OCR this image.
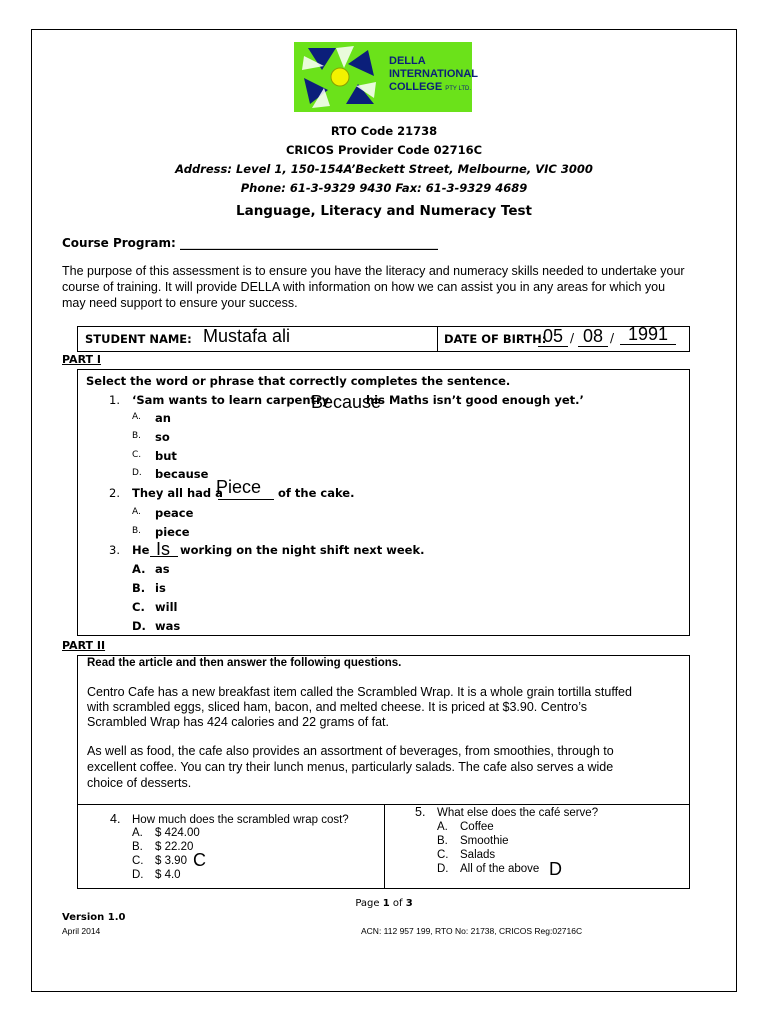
DELLA
INTERNATIONAL
COLLEGE PTY LTD.
RTO Code 21738
CRICOS Provider Code 02716C
Address: Level 1, 150-154A’Beckett Street, Melbourne, VIC 3000
Phone: 61-3-9329 9430 Fax: 61-3-9329 4689
Language, Literacy and Numeracy Test
Course Program: ___________________________________________
The purpose of this assessment is to ensure you have the literacy and numeracy skills needed to undertake your
course of training. It will provide DELLA with information on how we can assist you in any areas for which you
may need support to ensure your success.
STUDENT NAME: Mustafa ali	DATE OF BIRTH:
05 / 08 / 1991
PART I
Select the word or phrase that correctly completes the sentence.
1. ‘Sam wants to learn carpentry	his Maths isn’t good enough yet.’
Because
A. an
B. so
C. but
D. because
2. They all had a
Piece of the cake.
A. peace
B. piece
3. He Is working on the night shift next week.
A. as
B. is
C. will
D. was
PART II
Read the article and then answer the following questions.
Centro Cafe has a new breakfast item called the Scrambled Wrap. It is a whole grain tortilla stuffed
with scrambled eggs, sliced ham, bacon, and melted cheese. It is priced at $3.90. Centro’s
Scrambled Wrap has 424 calories and 22 grams of fat.
As well as food, the cafe also provides an assortment of beverages, from smoothies, through to
excellent coffee. You can try their lunch menus, particularly salads. The cafe also serves a wide
choice of desserts.
4. How much does the scrambled wrap cost?
A. $ 424.00
B. $ 22.20
C. $ 3.90 C
D. $ 4.0
5. What else does the café serve?
A. Coffee
B. Smoothie
C. Salads
D. All of the above D
Page 1 of 3
Version 1.0
April 2014	ACN: 112 957 199, RTO No: 21738, CRICOS Reg:02716C
